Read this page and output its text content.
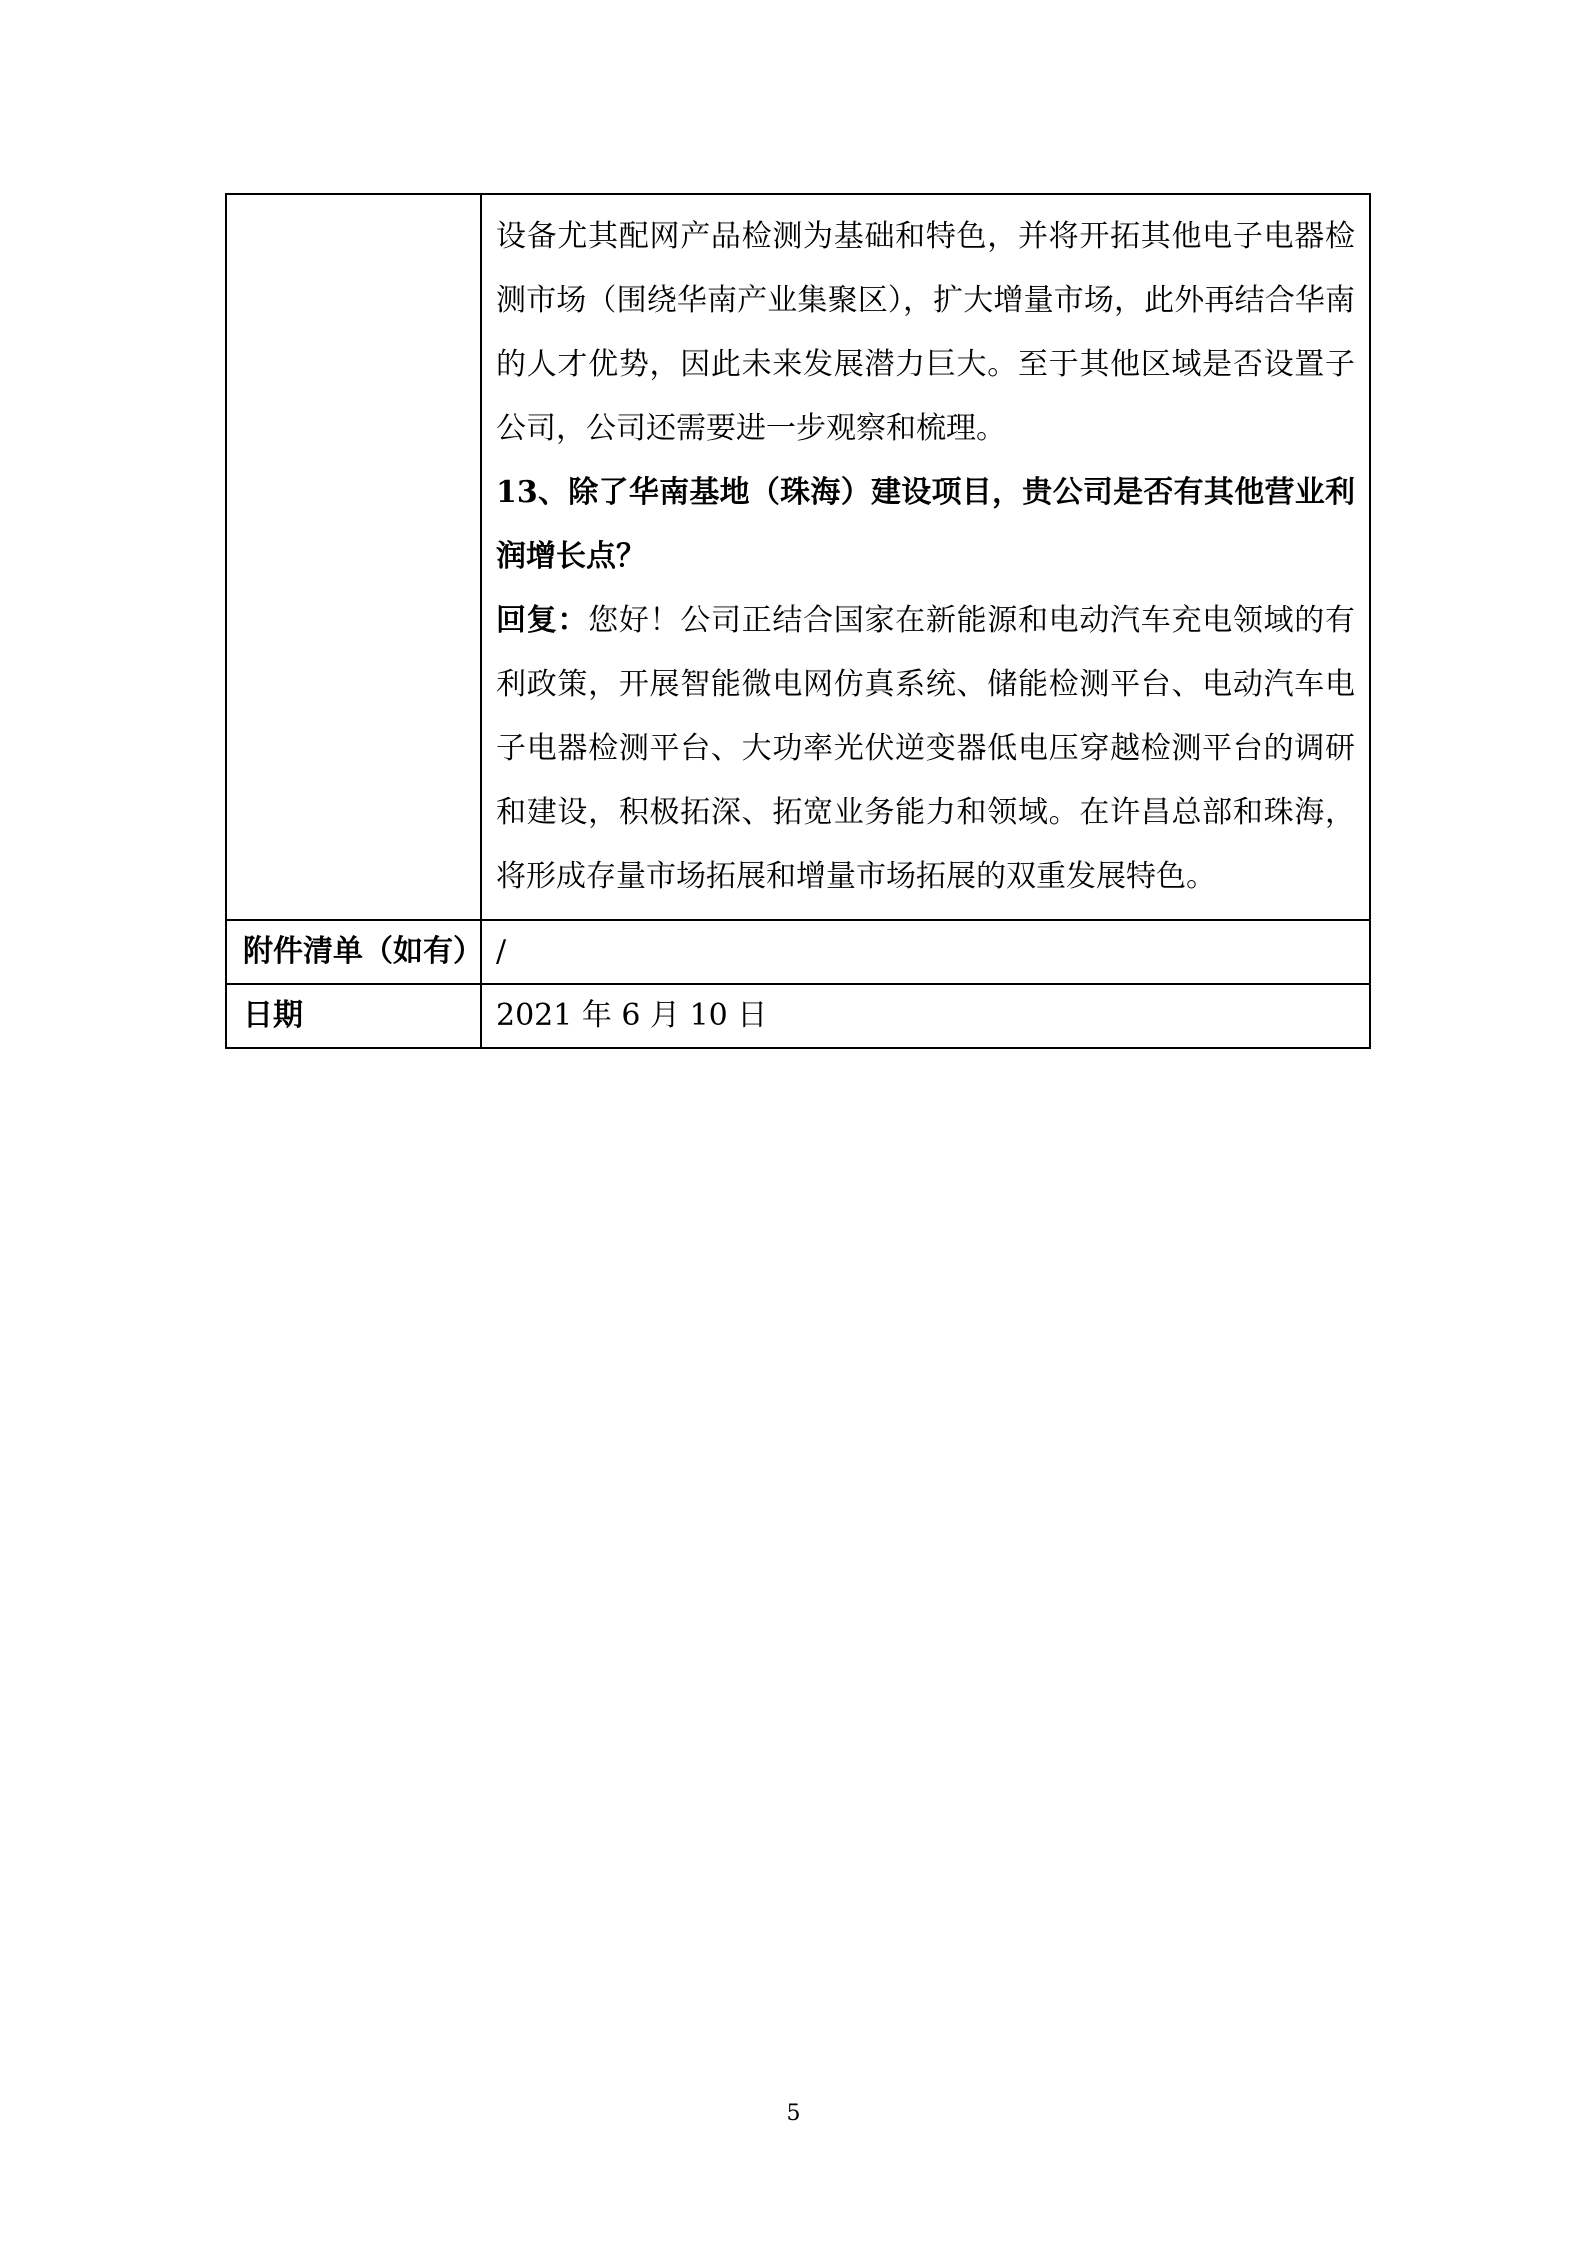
	设备尤其配网产品检测为基础和特色，并将开拓其他电子电器检测市场（围绕华南产业集聚区），扩大增量市场，此外再结合华南的人才优势，因此未来发展潜力巨大。至于其他区域是否设置子公司，公司还需要进一步观察和梳理。

13、除了华南基地（珠海）建设项目，贵公司是否有其他营业利润增长点？

回复：您好！公司正结合国家在新能源和电动汽车充电领域的有利政策，开展智能微电网仿真系统、储能检测平台、电动汽车电子电器检测平台、大功率光伏逆变器低电压穿越检测平台的调研和建设，积极拓深、拓宽业务能力和领域。在许昌总部和珠海，将形成存量市场拓展和增量市场拓展的双重发展特色。

附件清单（如有）	/
日期	2021 年 6 月 10 日
5
